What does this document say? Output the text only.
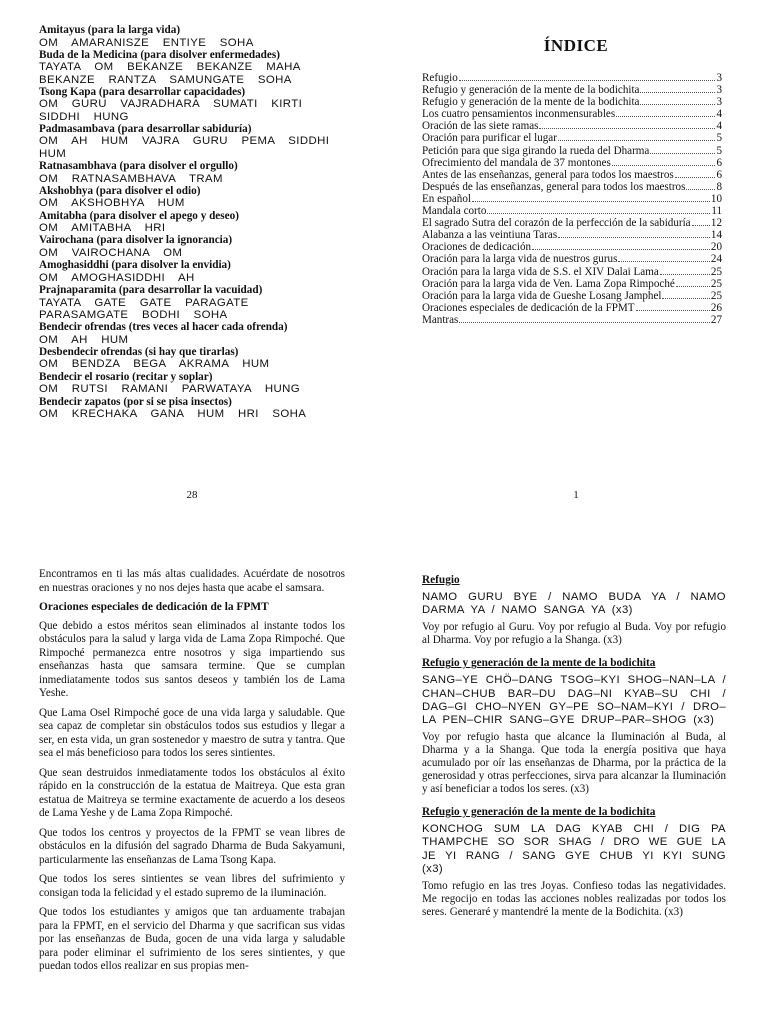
Amitayus (para la larga vida)
OM AMARANISZE ENTIYE SOHA
Buda de la Medicina (para disolver enfermedades)
TAYATA OM BEKANZE BEKANZE MAHA
BEKANZE RANTZA SAMUNGATE SOHA
Tsong Kapa (para desarrollar capacidades)
OM GURU VAJRADHARA SUMATI KIRTI
SIDDHI HUNG
Padmasambava (para desarrollar sabiduría)
OM AH HUM VAJRA GURU PEMA SIDDHI
HUM
Ratnasambhava (para disolver el orgullo)
OM RATNASAMBHAVA TRAM
Akshobhya (para disolver el odio)
OM AKSHOBHYA HUM
Amitabha (para disolver el apego y deseo)
OM AMITABHA HRI
Vairochana (para disolver la ignorancia)
OM VAIROCHANA OM
Amoghasiddhi (para disolver la envidia)
OM AMOGHASIDDHI AH
Prajnaparamita (para desarrollar la vacuidad)
TAYATA GATE GATE PARAGATE
PARASAMGATE BODHI SOHA
Bendecir ofrendas (tres veces al hacer cada ofrenda)
OM AH HUM
Desbendecir ofrendas (si hay que tirarlas)
OM BENDZA BEGA AKRAMA HUM
Bendecir el rosario (recitar y soplar)
OM RUTSI RAMANI PARWATAYA HUNG
Bendecir zapatos (por si se pisa insectos)
OM KRECHAKA GANA HUM HRI SOHA
28
ÍNDICE
Refugio	3
Refugio y generación de la mente de la bodichita	3
Refugio y generación de la mente de la bodichita	3
Los cuatro pensamientos inconmensurables	4
Oración de las siete ramas	4
Oración para purificar el lugar	5
Petición para que siga girando la rueda del Dharma	5
Ofrecimiento del mandala de 37 montones	6
Antes de las enseñanzas, general para todos los maestros	6
Después de las enseñanzas, general para todos los maestros	8
En español	10
Mandala corto	11
El sagrado Sutra del corazón de la perfección de la sabiduría 12
Alabanza a las veintiuna Taras	14
Oraciones de dedicación	20
Oración para la larga vida de nuestros gurus	24
Oración para la larga vida de S.S. el XIV Dalai Lama	25
Oración para la larga vida de Ven. Lama Zopa Rimpoché	25
Oración para la larga vida de Gueshe Losang Jamphel	25
Oraciones especiales de dedicación de la FPMT	26
Mantras	27
1

Encontramos en ti las más altas cualidades. Acuérdate de nosotros en nuestras oraciones y no nos dejes hasta que acabe el samsara.

Oraciones especiales de dedicación de la FPMT

Que debido a estos méritos sean eliminados al instante todos los obstáculos para la salud y larga vida de Lama Zopa Rimpoché. Que Rimpoché permanezca entre nosotros y siga impartiendo sus enseñanzas hasta que samsara termine. Que se cumplan inmediatamente todos sus santos deseos y también los de Lama Yeshe.

Que Lama Osel Rimpoché goce de una vida larga y saludable. Que sea capaz de completar sin obstáculos todos sus estudios y llegar a ser, en esta vida, un gran sostenedor y maestro de sutra y tantra. Que sea el más beneficioso para todos los seres sintientes.

Que sean destruidos inmediatamente todos los obstáculos al éxito rápido en la construcción de la estatua de Maitreya. Que esta gran estatua de Maitreya se termine exactamente de acuerdo a los deseos de Lama Yeshe y de Lama Zopa Rimpoché.

Que todos los centros y proyectos de la FPMT se vean libres de obstáculos en la difusión del sagrado Dharma de Buda Sakyamuni, particularmente las enseñanzas de Lama Tsong Kapa.

Que todos los seres sintientes se vean libres del sufrimiento y consigan toda la felicidad y el estado supremo de la iluminación.

Que todos los estudiantes y amigos que tan arduamente trabajan para la FPMT, en el servicio del Dharma y que sacrifican sus vidas por las enseñanzas de Buda, gocen de una vida larga y saludable para poder eliminar el sufrimiento de los seres sintientes, y que puedan todos ellos realizar en sus propias men-

Refugio
NAMO GURU BYE / NAMO BUDA YA / NAMO DARMA YA / NAMO SANGA YA (x3)
Voy por refugio al Guru. Voy por refugio al Buda. Voy por refugio al Dharma. Voy por refugio a la Shanga. (x3)
Refugio y generación de la mente de la bodichita
SANG–YE CHÖ–DANG TSOG–KYI SHOG–NAN–LA / CHAN–CHUB BAR–DU DAG–NI KYAB–SU CHI / DAG–GI CHO–NYEN GY–PE SO–NAM–KYI / DRO–LA PEN–CHIR SANG–GYE DRUP–PAR–SHOG (x3)
Voy por refugio hasta que alcance la Iluminación al Buda, al Dharma y a la Shanga. Que toda la energía positiva que haya acumulado por oír las enseñanzas de Dharma, por la práctica de la generosidad y otras perfecciones, sirva para alcanzar la Iluminación y así beneficiar a todos los seres. (x3)
Refugio y generación de la mente de la bodichita
KONCHOG SUM LA DAG KYAB CHI / DIG PA THAMPCHE SO SOR SHAG / DRO WE GUE LA JE YI RANG / SANG GYE CHUB YI KYI SUNG (x3)
Tomo refugio en las tres Joyas. Confieso todas las negatividades. Me regocijo en todas las acciones nobles realizadas por todos los seres. Generaré y mantendré la mente de la Bodichita. (x3)
